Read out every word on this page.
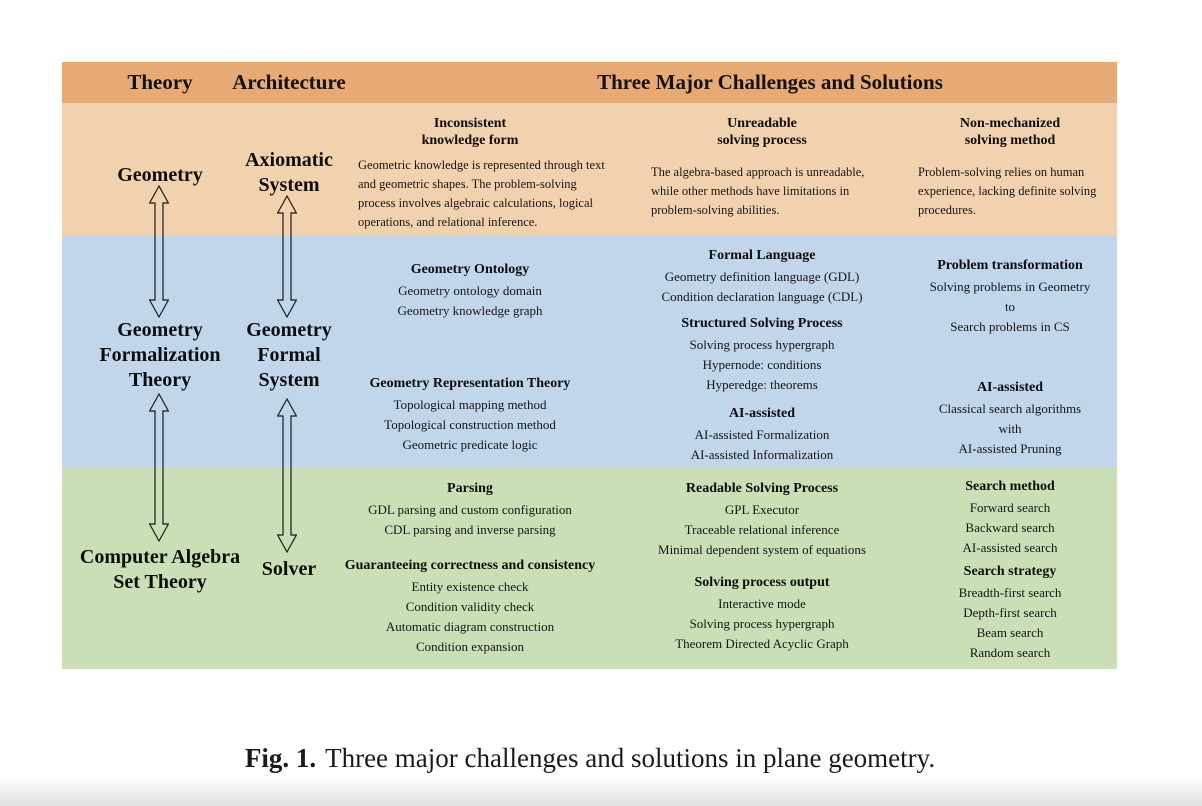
Theory	Architecture	Three Major Challenges and Solutions
Geometry
Axiomatic
System
Inconsistent
knowledge form
Geometric knowledge is represented through text and geometric shapes. The problem-solving process involves algebraic calculations, logical operations, and relational inference.
Unreadable
solving process
The algebra-based approach is unreadable, while other methods have limitations in problem-solving abilities.
Non-mechanized
solving method
Problem-solving relies on human experience, lacking definite solving procedures.
Geometry
Formalization
Theory
Geometry
Formal
System
Geometry Ontology
Geometry ontology domain
Geometry knowledge graph
Geometry Representation Theory
Topological mapping method
Topological construction method
Geometric predicate logic
Formal Language
Geometry definition language (GDL)
Condition declaration language (CDL)
Structured Solving Process
Solving process hypergraph
Hypernode: conditions
Hyperedge: theorems
AI-assisted
AI-assisted Formalization
AI-assisted Informalization
Problem transformation
Solving problems in Geometry
to
Search problems in CS
AI-assisted
Classical search algorithms
with
AI-assisted Pruning
Computer Algebra
Set Theory
Solver
Parsing
GDL parsing and custom configuration
CDL parsing and inverse parsing
Guaranteeing correctness and consistency
Entity existence check
Condition validity check
Automatic diagram construction
Condition expansion
Readable Solving Process
GPL Executor
Traceable relational inference
Minimal dependent system of equations
Solving process output
Interactive mode
Solving process hypergraph
Theorem Directed Acyclic Graph
Search method
Forward search
Backward search
AI-assisted search
Search strategy
Breadth-first search
Depth-first search
Beam search
Random search
Fig. 1. Three major challenges and solutions in plane geometry.
